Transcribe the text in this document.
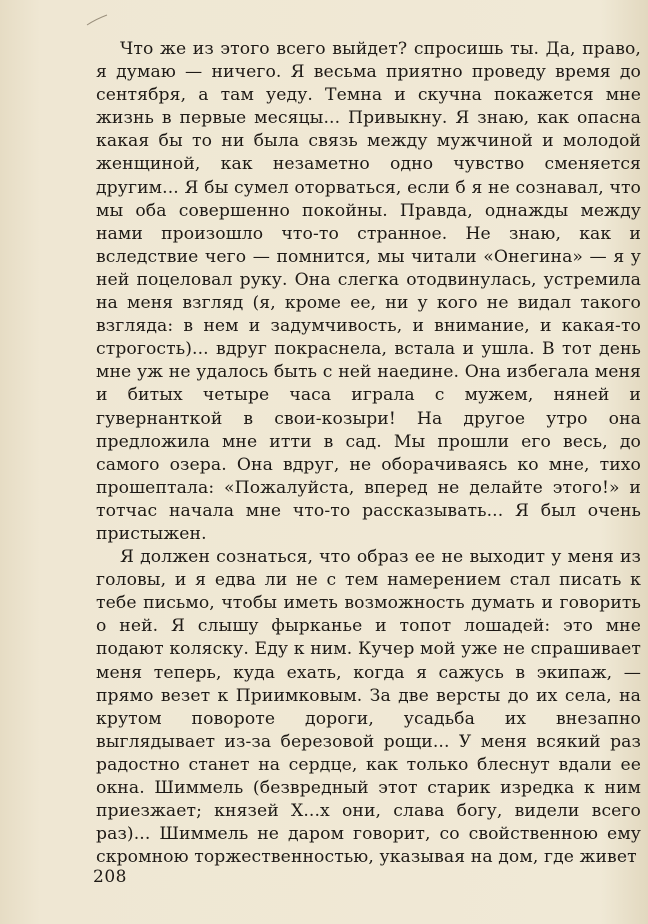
Что же из этого всего выйдет? спросишь ты. Да, право, я думаю — ничего. Я весьма приятно проведу время до сентября, а там уеду. Темна и скучна покажется мне жизнь в первые месяцы... Привыкну. Я знаю, как опасна какая бы то ни была связь между мужчиной и молодой женщиной, как незаметно одно чувство сменяется другим... Я бы сумел оторваться, если б я не сознавал, что мы оба совершенно покойны. Правда, однажды между нами произошло что-то странное. Не знаю, как и вследствие чего — помнится, мы читали «Онегина» — я у ней поцеловал руку. Она слегка отодвинулась, устремила на меня взгляд (я, кроме ее, ни у кого не видал такого взгляда: в нем и задумчивость, и внимание, и какая-то строгость)... вдруг покраснела, встала и ушла. В тот день мне уж не удалось быть с ней наедине. Она избегала меня и битых четыре часа играла с мужем, няней и гувернанткой в свои-козыри! На другое утро она предложила мне итти в сад. Мы прошли его весь, до самого озера. Она вдруг, не оборачиваясь ко мне, тихо прошептала: «Пожалуйста, вперед не делайте этого!» и тотчас начала мне что-то рассказывать... Я был очень пристыжен.

Я должен сознаться, что образ ее не выходит у меня из головы, и я едва ли не с тем намерением стал писать к тебе письмо, чтобы иметь возможность думать и говорить о ней. Я слышу фырканье и топот лошадей: это мне подают коляску. Еду к ним. Кучер мой уже не спрашивает меня теперь, куда ехать, когда я сажусь в экипаж, — прямо везет к Приимковым. За две версты до их села, на крутом повороте дороги, усадьба их внезапно выглядывает из-за березовой рощи... У меня всякий раз радостно станет на сердце, как только блеснут вдали ее окна. Шиммель (безвредный этот старик изредка к ним приезжает; князей Х...х они, слава богу, видели всего раз)... Шиммель не даром говорит, со свойственною ему скромною торжественностью, указывая на дом, где живет

208
